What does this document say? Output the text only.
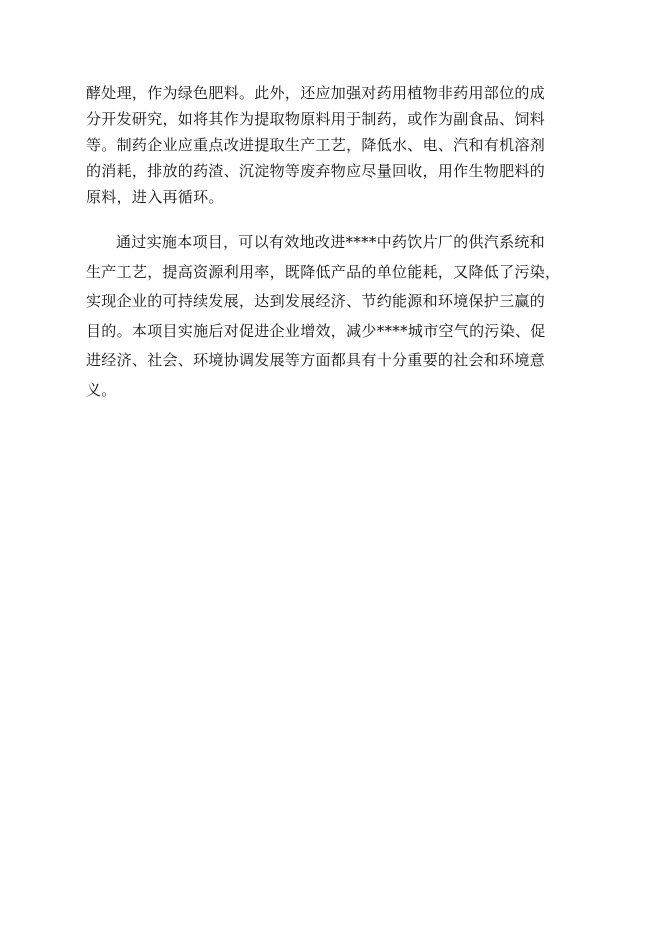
酵处理，作为绿色肥料。此外，还应加强对药用植物非药用部位的成
分开发研究，如将其作为提取物原料用于制药，或作为副食品、饲料
等。制药企业应重点改进提取生产工艺，降低水、电、汽和有机溶剂
的消耗，排放的药渣、沉淀物等废弃物应尽量回收，用作生物肥料的
原料，进入再循环。
通过实施本项目，可以有效地改进****中药饮片厂的供汽系统和
生产工艺，提高资源利用率，既降低产品的单位能耗，又降低了污染，
实现企业的可持续发展，达到发展经济、节约能源和环境保护三赢的
目的。本项目实施后对促进企业增效，减少****城市空气的污染、促
进经济、社会、环境协调发展等方面都具有十分重要的社会和环境意
义。
